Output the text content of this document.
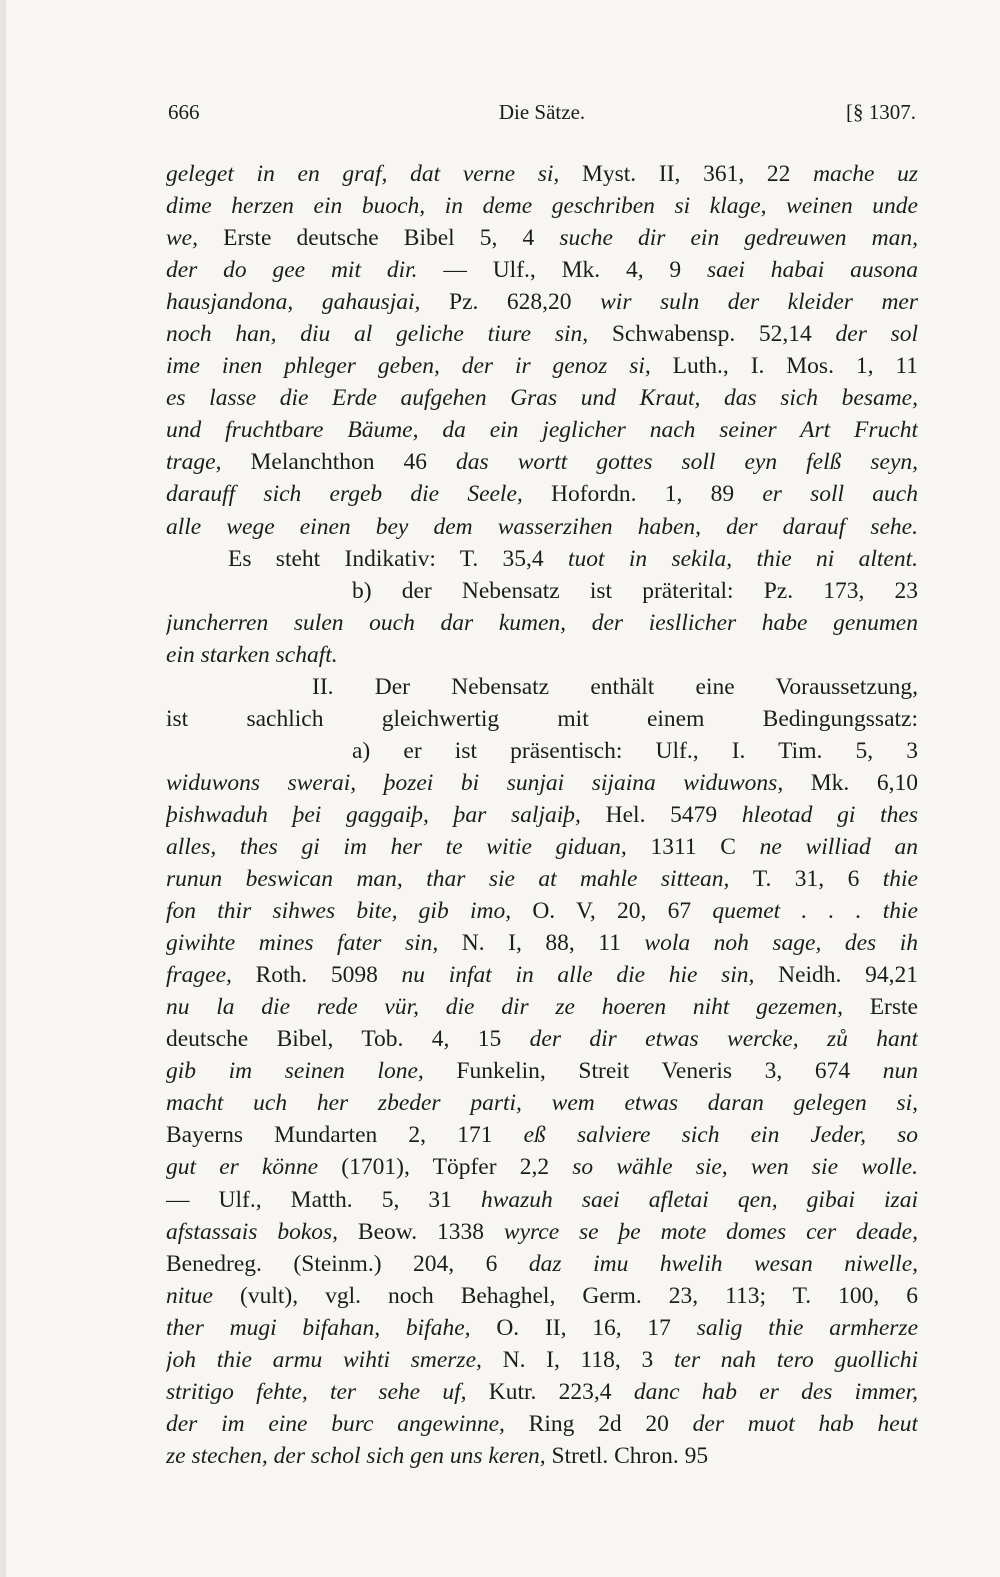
666	Die Sätze.	[§ 1307.
geleget in en graf, dat verne si, Myst. II, 361, 22 mache uz
dime herzen ein buoch, in deme geschriben si klage, weinen unde
we, Erste deutsche Bibel 5, 4 suche dir ein gedreuwen man,
der do gee mit dir. — Ulf., Mk. 4, 9 saei habai ausona
hausjandona, gahausjai, Pz. 628,20 wir suln der kleider mer
noch han, diu al geliche tiure sin, Schwabensp. 52,14 der sol
ime inen phleger geben, der ir genoz si, Luth., I. Mos. 1, 11
es lasse die Erde aufgehen Gras und Kraut, das sich besame,
und fruchtbare Bäume, da ein jeglicher nach seiner Art Frucht
trage, Melanchthon 46 das wortt gottes soll eyn felß seyn,
darauff sich ergeb die Seele, Hofordn. 1, 89 er soll auch
alle wege einen bey dem wasserzihen haben, der darauf sehe.
Es steht Indikativ: T. 35,4 tuot in sekila, thie ni altent.
b) der Nebensatz ist präterital: Pz. 173, 23
juncherren sulen ouch dar kumen, der iesllicher habe genumen
ein starken schaft.
II. Der Nebensatz enthält eine Voraussetzung,
ist sachlich gleichwertig mit einem Bedingungssatz:
a) er ist präsentisch: Ulf., I. Tim. 5, 3
widuwons swerai, þozei bi sunjai sijaina widuwons, Mk. 6,10
þishwaduh þei gaggaiþ, þar saljaiþ, Hel. 5479 hleotad gi thes
alles, thes gi im her te witie giduan, 1311 C ne williad an
runun beswican man, thar sie at mahle sittean, T. 31, 6 thie
fon thir sihwes bite, gib imo, O. V, 20, 67 quemet . . . thie
giwihte mines fater sin, N. I, 88, 11 wola noh sage, des ih
fragee, Roth. 5098 nu infat in alle die hie sin, Neidh. 94,21
nu la die rede vür, die dir ze hoeren niht gezemen, Erste
deutsche Bibel, Tob. 4, 15 der dir etwas wercke, zů hant
gib im seinen lone, Funkelin, Streit Veneris 3, 674 nun
macht uch her zbeder parti, wem etwas daran gelegen si,
Bayerns Mundarten 2, 171 eß salviere sich ein Jeder, so
gut er könne (1701), Töpfer 2,2 so wähle sie, wen sie wolle.
— Ulf., Matth. 5, 31 hwazuh saei afletai qen, gibai izai
afstassais bokos, Beow. 1338 wyrce se þe mote domes cer deade,
Benedreg. (Steinm.) 204, 6 daz imu hwelih wesan niwelle,
nitue (vult), vgl. noch Behaghel, Germ. 23, 113; T. 100, 6
ther mugi bifahan, bifahe, O. II, 16, 17 salig thie armherze
joh thie armu wihti smerze, N. I, 118, 3 ter nah tero guollichi
stritigo fehte, ter sehe uf, Kutr. 223,4 danc hab er des immer,
der im eine burc angewinne, Ring 2d 20 der muot hab heut
ze stechen, der schol sich gen uns keren, Stretl. Chron. 95
